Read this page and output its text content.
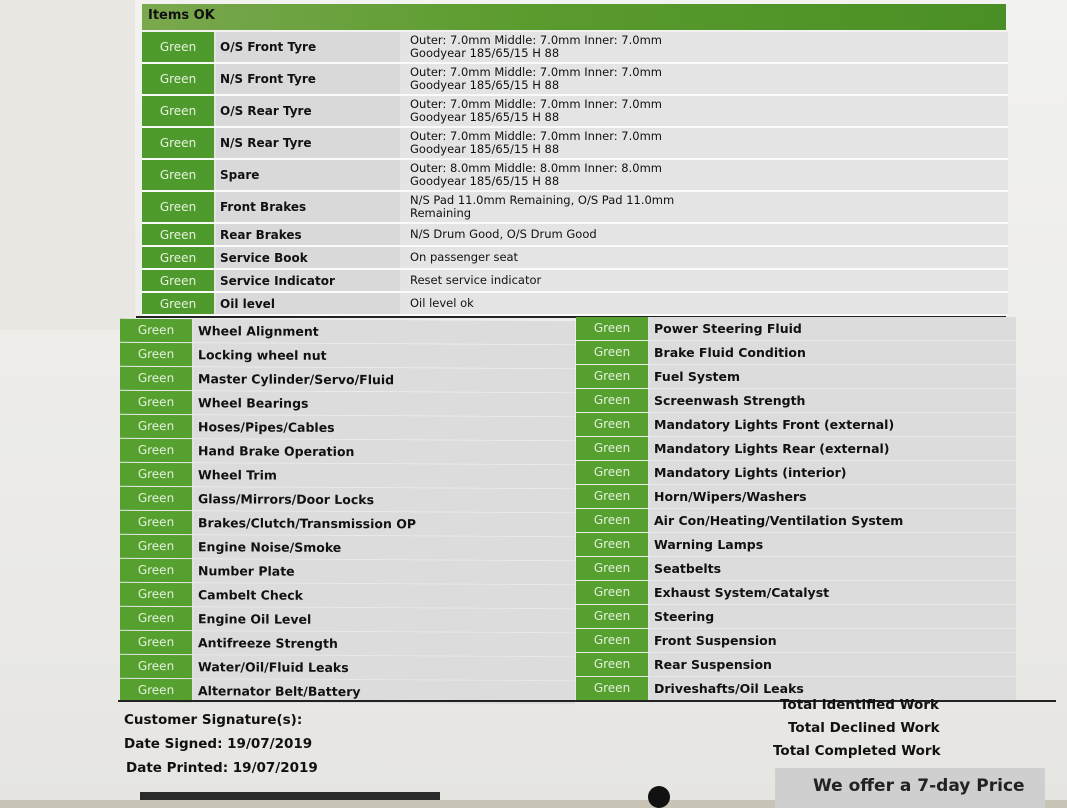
Items OK
Green	O/S Front Tyre	Outer: 7.0mm Middle: 7.0mm Inner: 7.0mm
Goodyear 185/65/15 H 88
Green	N/S Front Tyre	Outer: 7.0mm Middle: 7.0mm Inner: 7.0mm
Goodyear 185/65/15 H 88
Green	O/S Rear Tyre	Outer: 7.0mm Middle: 7.0mm Inner: 7.0mm
Goodyear 185/65/15 H 88
Green	N/S Rear Tyre	Outer: 7.0mm Middle: 7.0mm Inner: 7.0mm
Goodyear 185/65/15 H 88
Green	Spare	Outer: 8.0mm Middle: 8.0mm Inner: 8.0mm
Goodyear 185/65/15 H 88
Green	Front Brakes	N/S Pad 11.0mm Remaining, O/S Pad 11.0mm
Remaining
Green	Rear Brakes	N/S Drum Good, O/S Drum Good
Green	Service Book	On passenger seat
Green	Service Indicator	Reset service indicator
Green	Oil level	Oil level ok
Green	Wheel Alignment
Green	Locking wheel nut
Green	Master Cylinder/Servo/Fluid
Green	Wheel Bearings
Green	Hoses/Pipes/Cables
Green	Hand Brake Operation
Green	Wheel Trim
Green	Glass/Mirrors/Door Locks
Green	Brakes/Clutch/Transmission OP
Green	Engine Noise/Smoke
Green	Number Plate
Green	Cambelt Check
Green	Engine Oil Level
Green	Antifreeze Strength
Green	Water/Oil/Fluid Leaks
Green	Alternator Belt/Battery
Green	Power Steering Fluid
Green	Brake Fluid Condition
Green	Fuel System
Green	Screenwash Strength
Green	Mandatory Lights Front (external)
Green	Mandatory Lights Rear (external)
Green	Mandatory Lights (interior)
Green	Horn/Wipers/Washers
Green	Air Con/Heating/Ventilation System
Green	Warning Lamps
Green	Seatbelts
Green	Exhaust System/Catalyst
Green	Steering
Green	Front Suspension
Green	Rear Suspension
Green	Driveshafts/Oil Leaks
Customer Signature(s):
Date Signed: 19/07/2019
Date Printed: 19/07/2019
Total Identified Work
Total Declined Work
Total Completed Work
We offer a 7-day Price
